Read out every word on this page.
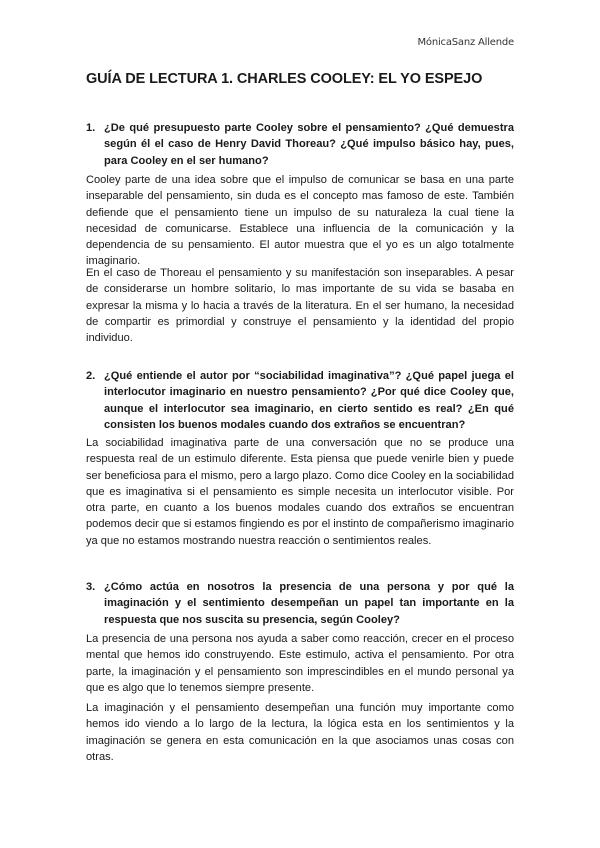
MónicaSanz Allende
GUÍA DE LECTURA 1. CHARLES COOLEY: EL YO ESPEJO
1. ¿De qué presupuesto parte Cooley sobre el pensamiento? ¿Qué demuestra según él el caso de Henry David Thoreau? ¿Qué impulso básico hay, pues, para Cooley en el ser humano?

Cooley parte de una idea sobre que el impulso de comunicar se basa en una parte inseparable del pensamiento, sin duda es el concepto mas famoso de este. También defiende que el pensamiento tiene un impulso de su naturaleza la cual tiene la necesidad de comunicarse. Establece una influencia de la comunicación y la dependencia de su pensamiento. El autor muestra que el yo es un algo totalmente imaginario.

En el caso de Thoreau el pensamiento y su manifestación son inseparables. A pesar de considerarse un hombre solitario, lo mas importante de su vida se basaba en expresar la misma y lo hacia a través de la literatura. En el ser humano, la necesidad de compartir es primordial y construye el pensamiento y la identidad del propio individuo.

2. ¿Qué entiende el autor por “sociabilidad imaginativa”? ¿Qué papel juega el interlocutor imaginario en nuestro pensamiento? ¿Por qué dice Cooley que, aunque el interlocutor sea imaginario, en cierto sentido es real? ¿En qué consisten los buenos modales cuando dos extraños se encuentran?

La sociabilidad imaginativa parte de una conversación que no se produce una respuesta real de un estimulo diferente. Esta piensa que puede venirle bien y puede ser beneficiosa para el mismo, pero a largo plazo. Como dice Cooley en la sociabilidad que es imaginativa si el pensamiento es simple necesita un interlocutor visible. Por otra parte, en cuanto a los buenos modales cuando dos extraños se encuentran podemos decir que si estamos fingiendo es por el instinto de compañerismo imaginario ya que no estamos mostrando nuestra reacción o sentimientos reales.

3. ¿Cómo actúa en nosotros la presencia de una persona y por qué la imaginación y el sentimiento desempeñan un papel tan importante en la respuesta que nos suscita su presencia, según Cooley?

La presencia de una persona nos ayuda a saber como reacción, crecer en el proceso mental que hemos ido construyendo. Este estimulo, activa el pensamiento. Por otra parte, la imaginación y el pensamiento son imprescindibles en el mundo personal ya que es algo que lo tenemos siempre presente.

La imaginación y el pensamiento desempeñan una función muy importante como hemos ido viendo a lo largo de la lectura, la lógica esta en los sentimientos y la imaginación se genera en esta comunicación en la que asociamos unas cosas con otras.
